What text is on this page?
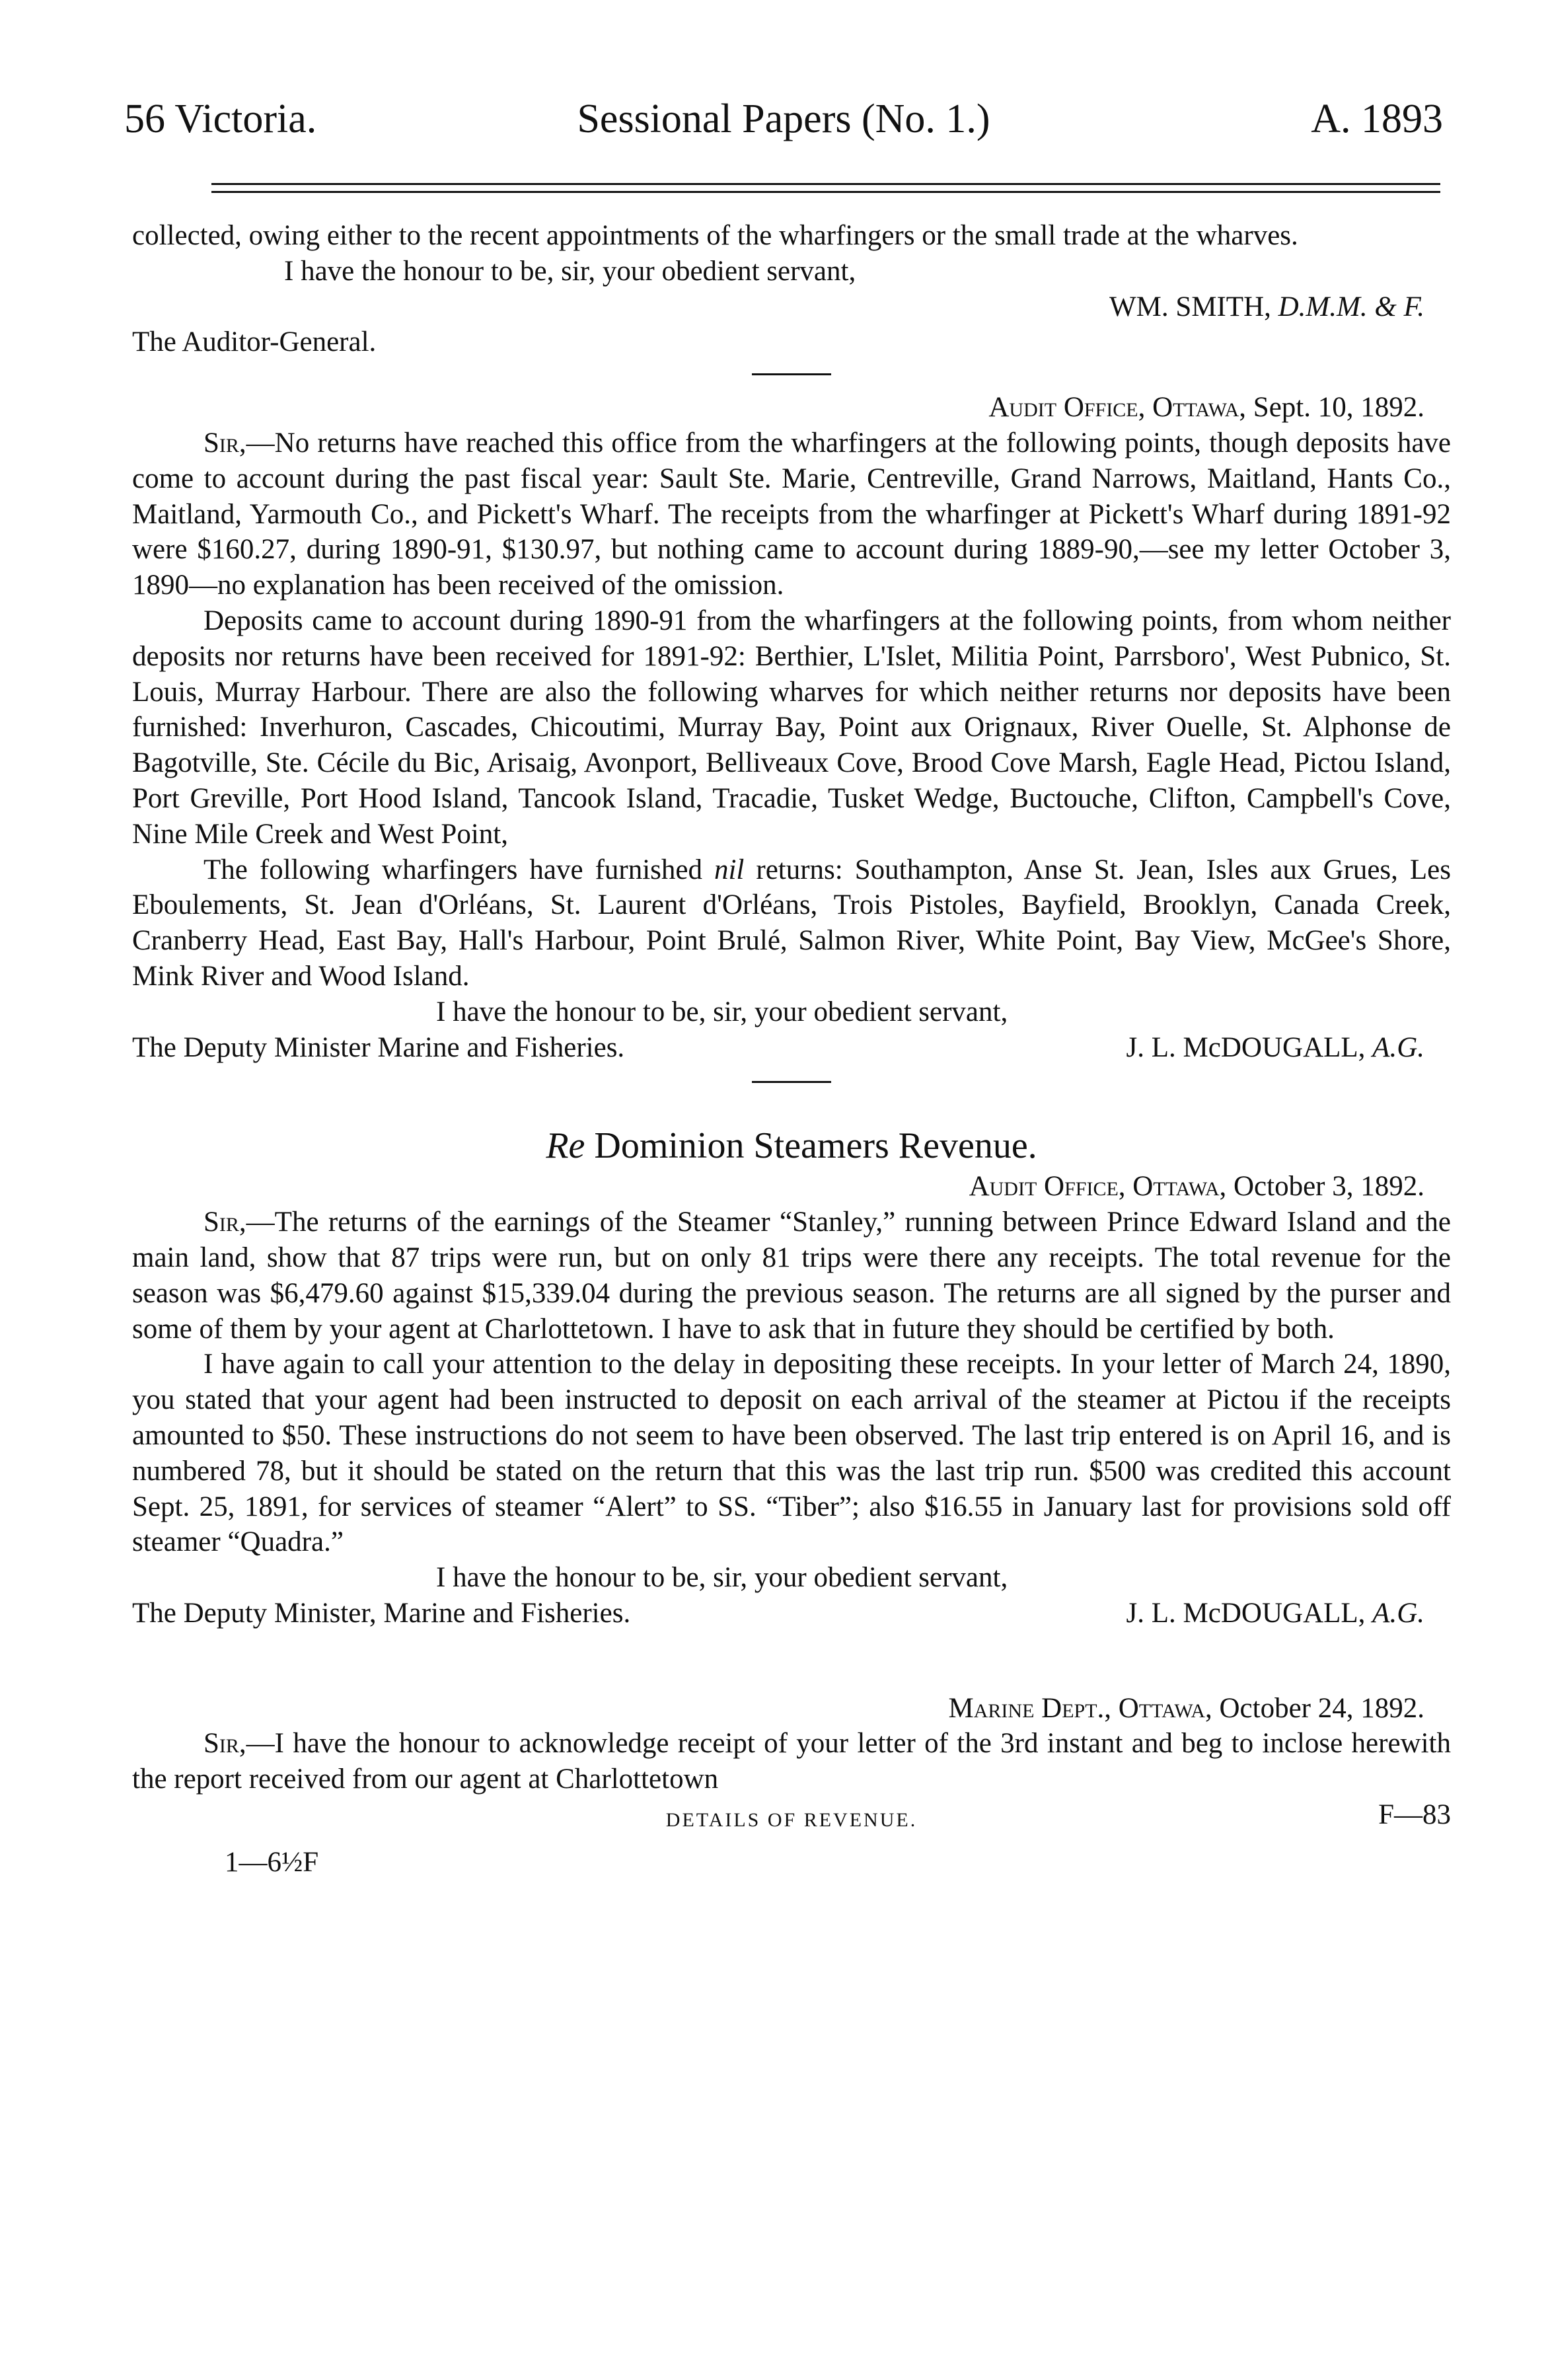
56 Victoria.	Sessional Papers (No. 1.)	A. 1893

collected, owing either to the recent appointments of the wharfingers or the small trade at the wharves.

I have the honour to be, sir, your obedient servant,

WM. SMITH, D.M.M. & F.

The Auditor-General.

Audit Office, Ottawa, Sept. 10, 1892.

Sir,—No returns have reached this office from the wharfingers at the following points, though deposits have come to account during the past fiscal year: Sault Ste. Marie, Centreville, Grand Narrows, Maitland, Hants Co., Maitland, Yarmouth Co., and Pickett's Wharf. The receipts from the wharfinger at Pickett's Wharf during 1891-92 were $160.27, during 1890-91, $130.97, but nothing came to account during 1889-90,—see my letter October 3, 1890—no explanation has been received of the omission.

Deposits came to account during 1890-91 from the wharfingers at the following points, from whom neither deposits nor returns have been received for 1891-92: Berthier, L'Islet, Militia Point, Parrsboro', West Pubnico, St. Louis, Murray Harbour. There are also the following wharves for which neither returns nor deposits have been furnished: Inverhuron, Cascades, Chicoutimi, Murray Bay, Point aux Orignaux, River Ouelle, St. Alphonse de Bagotville, Ste. Cécile du Bic, Arisaig, Avonport, Belliveaux Cove, Brood Cove Marsh, Eagle Head, Pictou Island, Port Greville, Port Hood Island, Tancook Island, Tracadie, Tusket Wedge, Buctouche, Clifton, Campbell's Cove, Nine Mile Creek and West Point,

The following wharfingers have furnished nil returns: Southampton, Anse St. Jean, Isles aux Grues, Les Eboulements, St. Jean d'Orléans, St. Laurent d'Orléans, Trois Pistoles, Bayfield, Brooklyn, Canada Creek, Cranberry Head, East Bay, Hall's Harbour, Point Brulé, Salmon River, White Point, Bay View, McGee's Shore, Mink River and Wood Island.

I have the honour to be, sir, your obedient servant,

The Deputy Minister Marine and Fisheries.	J. L. McDOUGALL, A.G.

Re Dominion Steamers Revenue.

Audit Office, Ottawa, October 3, 1892.

Sir,—The returns of the earnings of the Steamer “Stanley,” running between Prince Edward Island and the main land, show that 87 trips were run, but on only 81 trips were there any receipts. The total revenue for the season was $6,479.60 against $15,339.04 during the previous season. The returns are all signed by the purser and some of them by your agent at Charlottetown. I have to ask that in future they should be certified by both.

I have again to call your attention to the delay in depositing these receipts. In your letter of March 24, 1890, you stated that your agent had been instructed to deposit on each arrival of the steamer at Pictou if the receipts amounted to $50. These instructions do not seem to have been observed. The last trip entered is on April 16, and is numbered 78, but it should be stated on the return that this was the last trip run. $500 was credited this account Sept. 25, 1891, for services of steamer “Alert” to SS. “Tiber”; also $16.55 in January last for provisions sold off steamer “Quadra.”

I have the honour to be, sir, your obedient servant,

The Deputy Minister, Marine and Fisheries.	J. L. McDOUGALL, A.G.

Marine Dept., Ottawa, October 24, 1892.

Sir,—I have the honour to acknowledge receipt of your letter of the 3rd instant and beg to inclose herewith the report received from our agent at Charlottetown

DETAILS OF REVENUE.	F—83

1—6½F
